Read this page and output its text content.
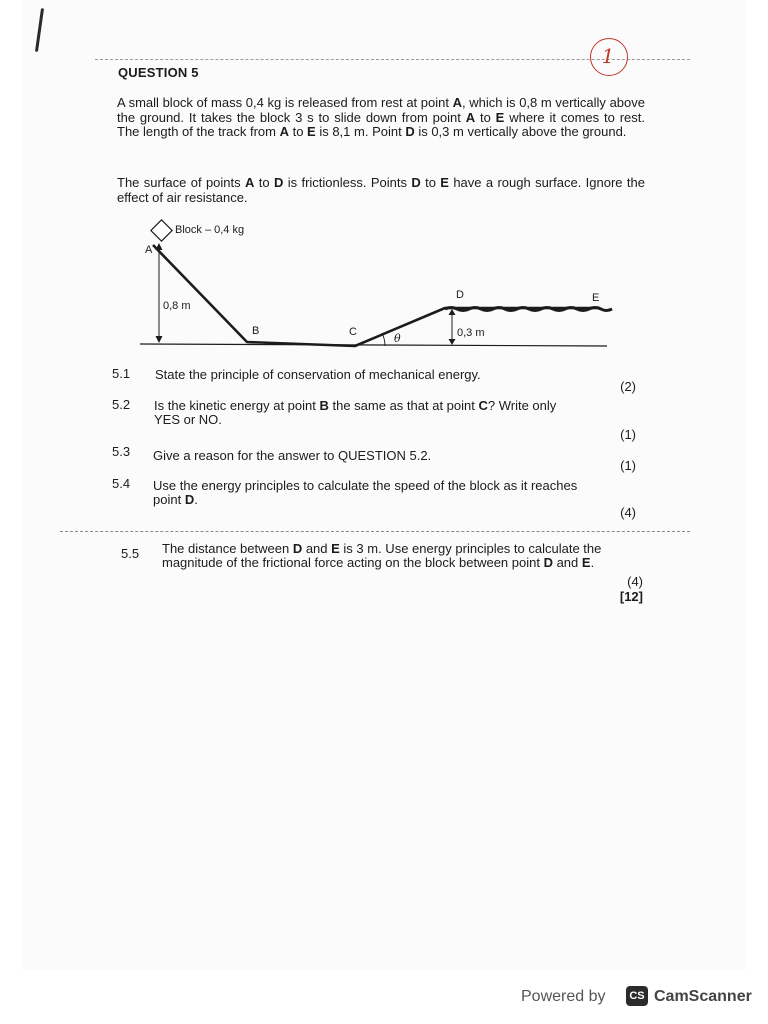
1
QUESTION 5
A small block of mass 0,4 kg is released from rest at point A, which is 0,8 m vertically above the ground. It takes the block 3 s to slide down from point A to E where it comes to rest. The length of the track from A to E is 8,1 m. Point D is 0,3 m vertically above the ground.
The surface of points A to D is frictionless. Points D to E have a rough surface. Ignore the effect of air resistance.
Block – 0,4 kg
A
0,8 m
B	C	θ
D
0,3 m
E
5.1 State the principle of conservation of mechanical energy.
(2)
5.2 Is the kinetic energy at point B the same as that at point C? Write only YES or NO.
(1)
5.3 Give a reason for the answer to QUESTION 5.2.
(1)
5.4 Use the energy principles to calculate the speed of the block as it reaches point D.
(4)
5.5 The distance between D and E is 3 m. Use energy principles to calculate the magnitude of the frictional force acting on the block between point D and E.
(4)
[12]
Powered by	CS CamScanner
